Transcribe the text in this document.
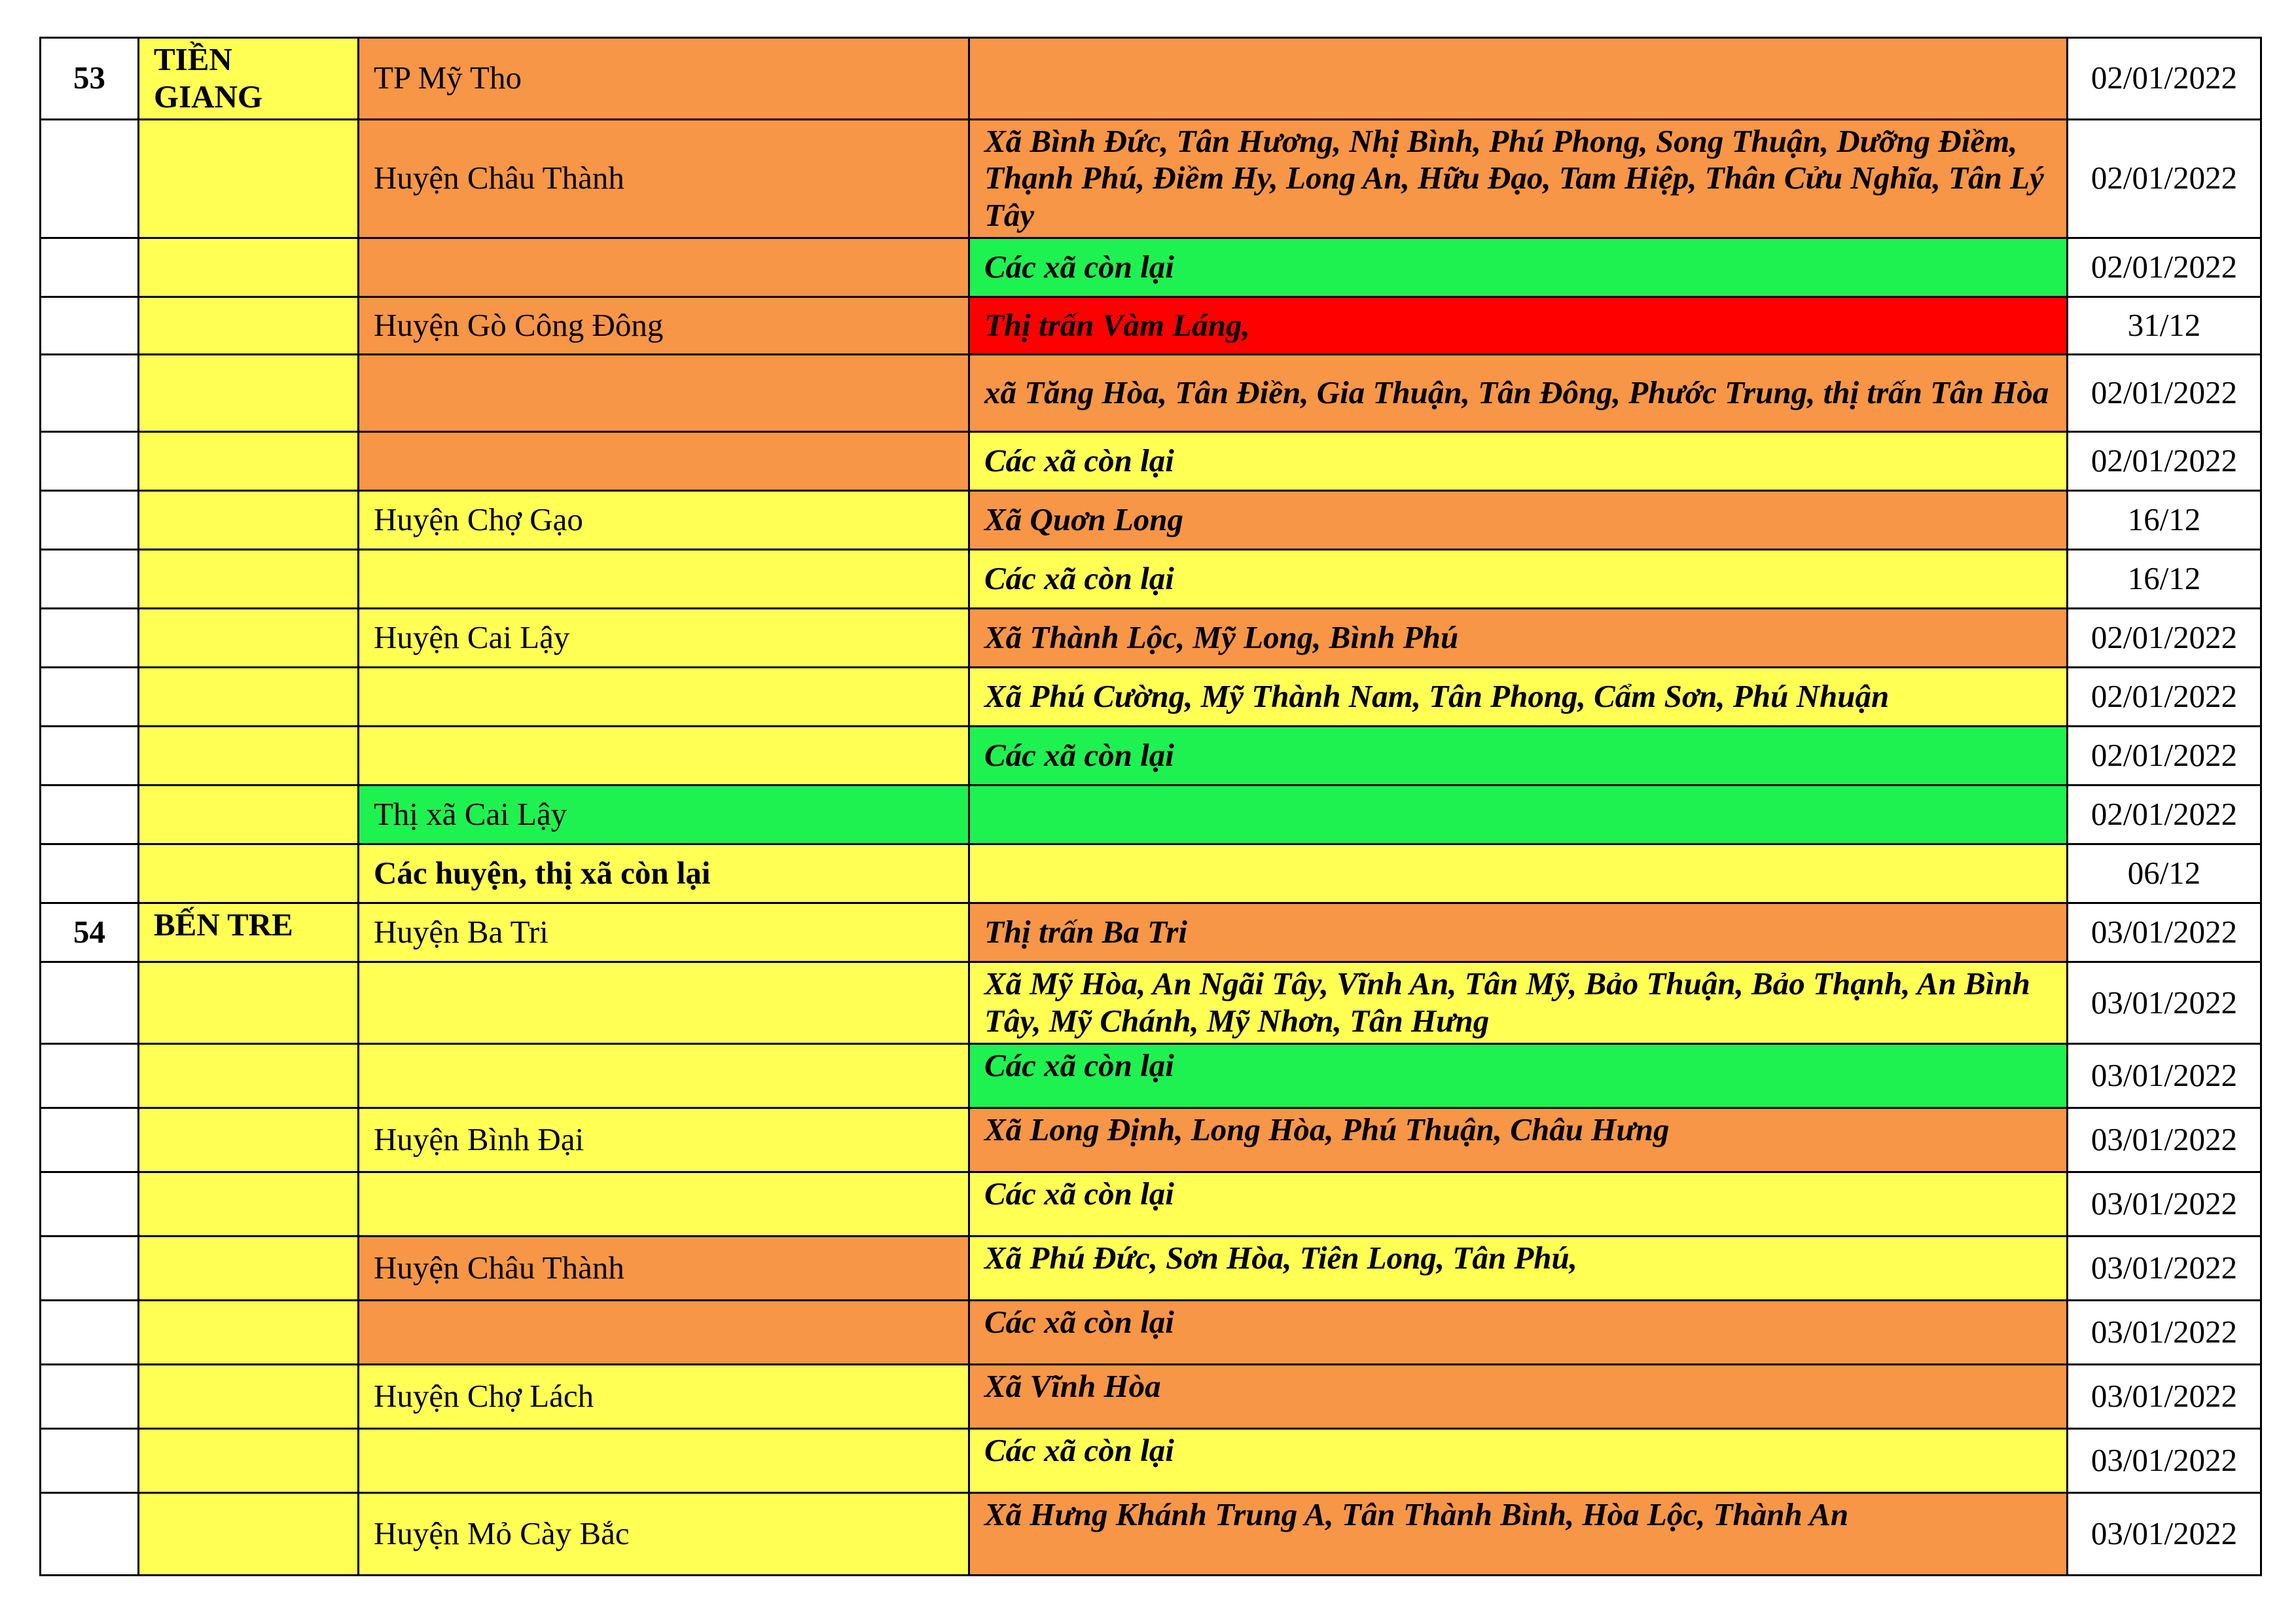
53	TIỀN GIANG	TP Mỹ Tho		02/01/2022
		Huyện Châu Thành	Xã Bình Đức, Tân Hương, Nhị Bình, Phú Phong, Song Thuận, Dưỡng Điềm, Thạnh Phú, Điềm Hy, Long An, Hữu Đạo, Tam Hiệp, Thân Cửu Nghĩa, Tân Lý Tây	02/01/2022
			Các xã còn lại	02/01/2022
		Huyện Gò Công Đông	Thị trấn Vàm Láng,	31/12
			xã Tăng Hòa, Tân Điền, Gia Thuận, Tân Đông, Phước Trung, thị trấn Tân Hòa	02/01/2022
			Các xã còn lại	02/01/2022
		Huyện Chợ Gạo	Xã Quơn Long	16/12
			Các xã còn lại	16/12
		Huyện Cai Lậy	Xã Thành Lộc, Mỹ Long, Bình Phú	02/01/2022
			Xã Phú Cường, Mỹ Thành Nam, Tân Phong, Cẩm Sơn, Phú Nhuận	02/01/2022
			Các xã còn lại	02/01/2022
		Thị xã Cai Lậy		02/01/2022
		Các huyện, thị xã còn lại		06/12
54	BẾN TRE	Huyện Ba Tri	Thị trấn Ba Tri	03/01/2022
			Xã Mỹ Hòa, An Ngãi Tây, Vĩnh An, Tân Mỹ, Bảo Thuận, Bảo Thạnh, An Bình Tây, Mỹ Chánh, Mỹ Nhơn, Tân Hưng	03/01/2022
			Các xã còn lại	03/01/2022
		Huyện Bình Đại	Xã Long Định, Long Hòa, Phú Thuận, Châu Hưng	03/01/2022
			Các xã còn lại	03/01/2022
		Huyện Châu Thành	Xã Phú Đức, Sơn Hòa, Tiên Long, Tân Phú,	03/01/2022
			Các xã còn lại	03/01/2022
		Huyện Chợ Lách	Xã Vĩnh Hòa	03/01/2022
			Các xã còn lại	03/01/2022
		Huyện Mỏ Cày Bắc	Xã Hưng Khánh Trung A, Tân Thành Bình, Hòa Lộc, Thành An	03/01/2022
